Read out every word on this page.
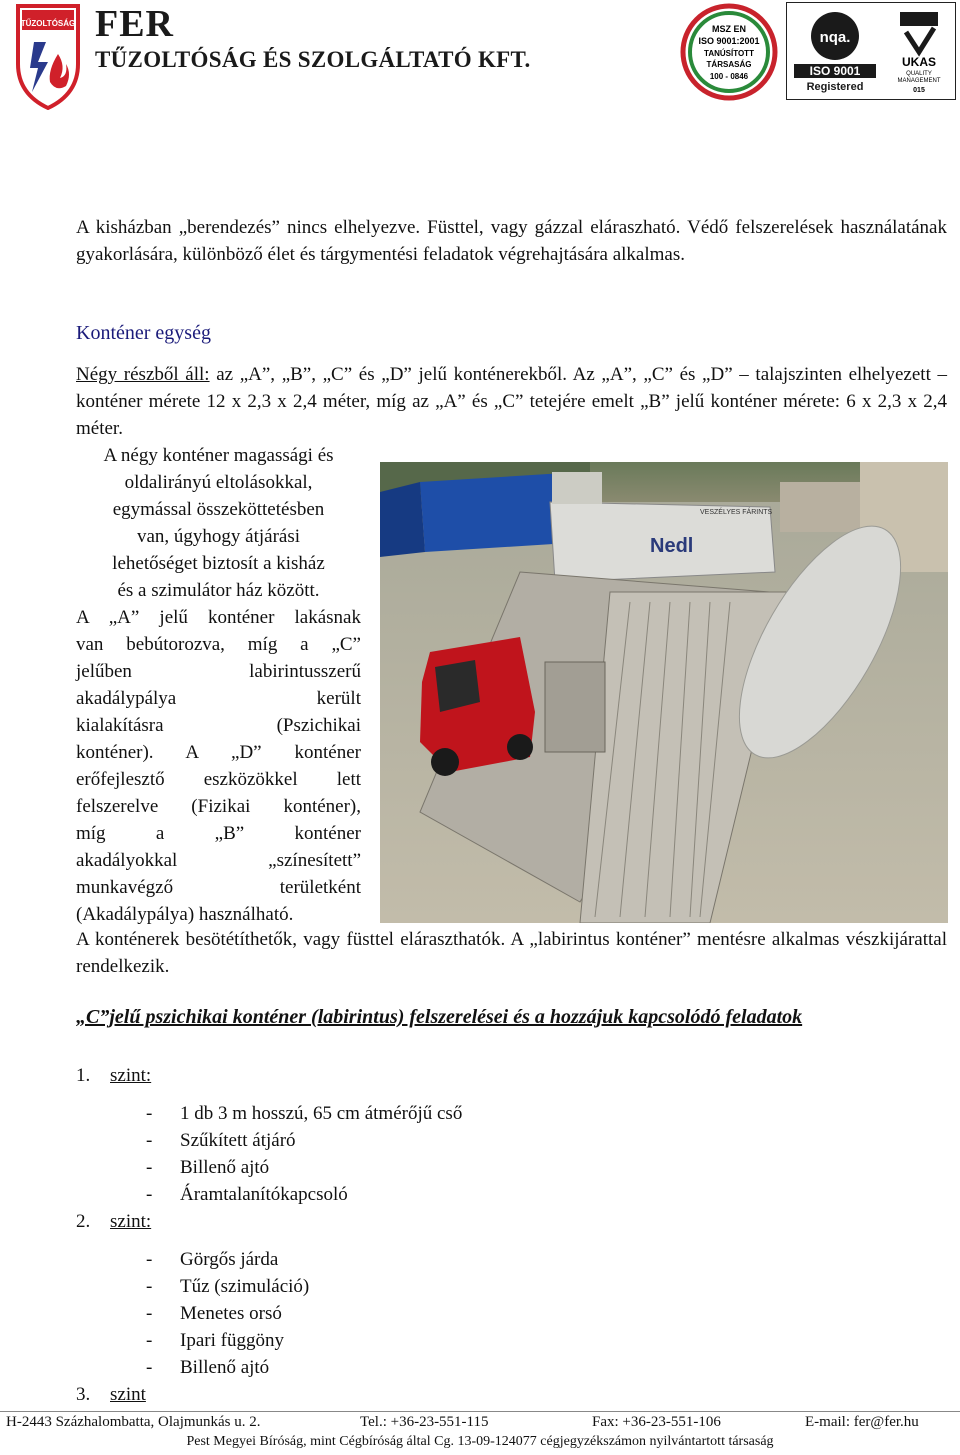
TŰZOLTÓSÁG FER
TŰZOLTÓSÁG ÉS SZOLGÁLTATÓ KFT.
MSZ EN
ISO 9001:2001
TANÚSÍTOTT
TÁRSASÁG
100 - 0846
nqa.
ISO 9001
Registered
UKAS
QUALITY
MANAGEMENT
015
A kisházban „berendezés” nincs elhelyezve. Füsttel, vagy gázzal eláraszható. Védő felszerelések használatának gyakorlására, különböző élet és tárgymentési feladatok végrehajtására alkalmas.
Konténer egység
Négy részből áll: az „A”, „B”, „C” és „D” jelű konténerekből. Az „A”, „C” és „D” – talajszinten elhelyezett – konténer mérete 12 x 2,3 x 2,4 méter, míg az „A” és „C” tetejére emelt „B” jelű konténer mérete: 6 x 2,3 x 2,4 méter.
A négy konténer magassági és
oldalirányú eltolásokkal,
egymással összeköttetésben
van, úgyhogy átjárási
lehetőséget biztosít a kisház
és a szimulátor ház között.
A „A” jelű konténer lakásnak
van bebútorozva, míg a „C”
jelűben labirintusszerű
akadálypálya került
kialakításra (Pszichikai
konténer). A „D” konténer
erőfejlesztő eszközökkel lett
felszerelve (Fizikai konténer),
míg a „B” konténer
akadályokkal „színesített”
munkavégző területként
(Akadálypálya) használható.
Nedl
VESZÉLYES FÁRINTS
A konténerek besötétíthetők, vagy füsttel eláraszthatók. A „labirintus konténer” mentésre alkalmas vészkijárattal rendelkezik.
„C”jelű pszichikai konténer (labirintus) felszerelései és a hozzájuk kapcsolódó feladatok
1. szint:
- 1 db 3 m hosszú, 65 cm átmérőjű cső
- Szűkített átjáró
- Billenő ajtó
- Áramtalanítókapcsoló
2. szint:
- Görgős járda
- Tűz (szimuláció)
- Menetes orsó
- Ipari függöny
- Billenő ajtó
3. szint
H-2443 Százhalombatta, Olajmunkás u. 2.	Tel.: +36-23-551-115	Fax: +36-23-551-106	E-mail: fer@fer.hu
Pest Megyei Bíróság, mint Cégbíróság által Cg. 13-09-124077 cégjegyzékszámon nyilvántartott társaság
